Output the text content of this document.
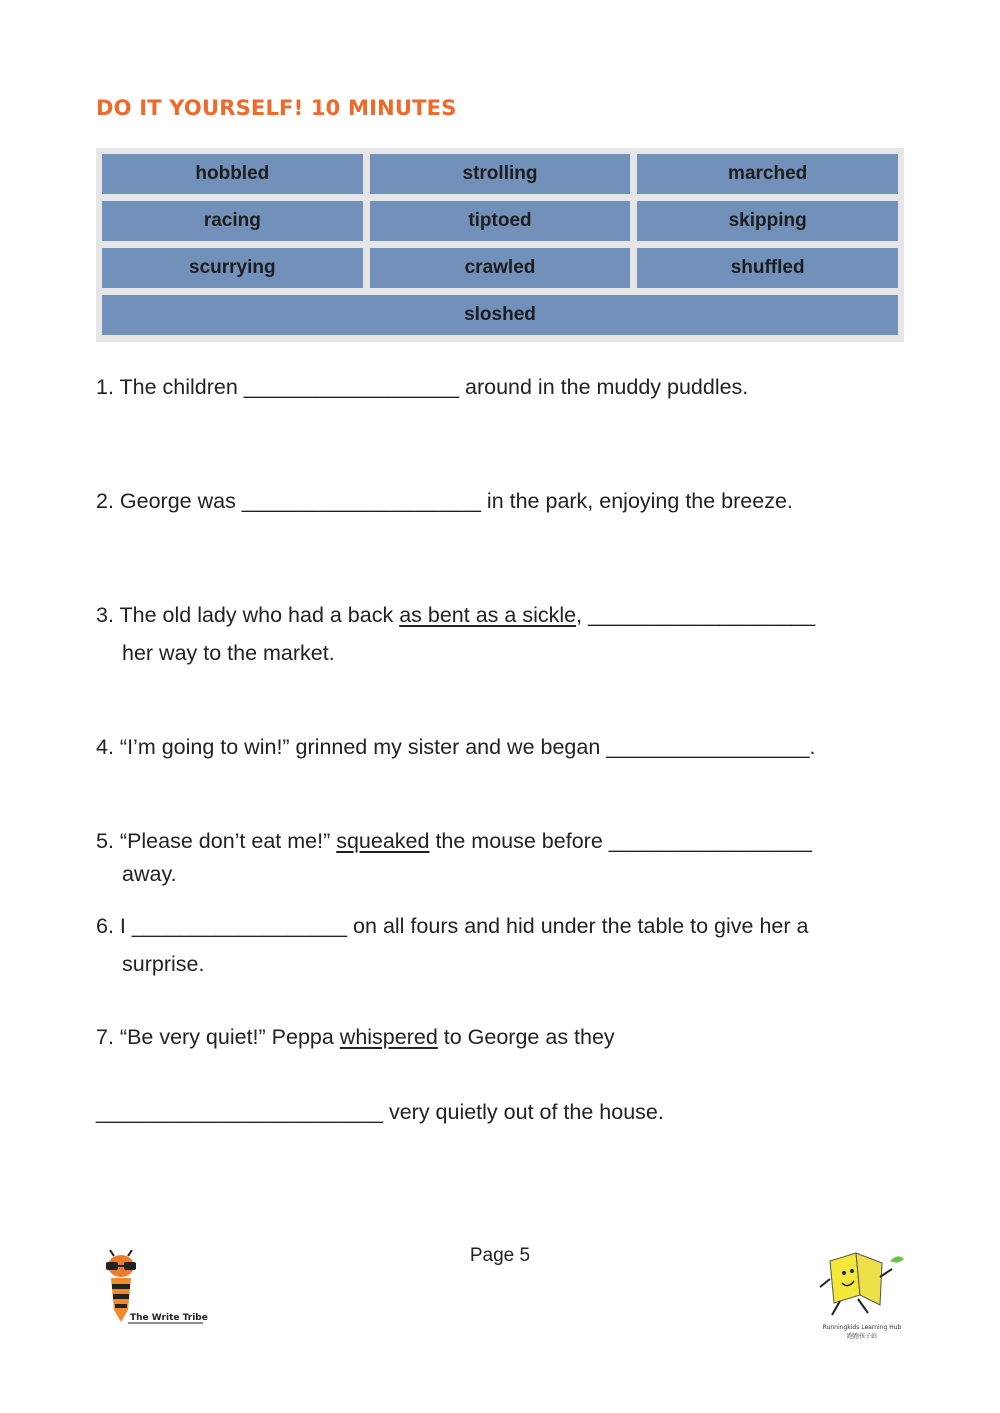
DO IT YOURSELF! 10 MINUTES
hobbled	strolling	marched
racing	tiptoed	skipping
scurrying	crawled	shuffled
sloshed

1. The children __________________ around in the muddy puddles.

2. George was ____________________ in the park, enjoying the breeze.

3. The old lady who had a back as bent as a sickle, ___________________
her way to the market.

4. “I’m going to win!” grinned my sister and we began _________________.

5. “Please don’t eat me!” squeaked the mouse before _________________
away.

6. I __________________ on all fours and hid under the table to give her a
surprise.

7. “Be very quiet!” Peppa whispered to George as they

________________________ very quietly out of the house.

Page 5
The Write Tribe
Runningkids Learning Hub
跑跑孩子站
